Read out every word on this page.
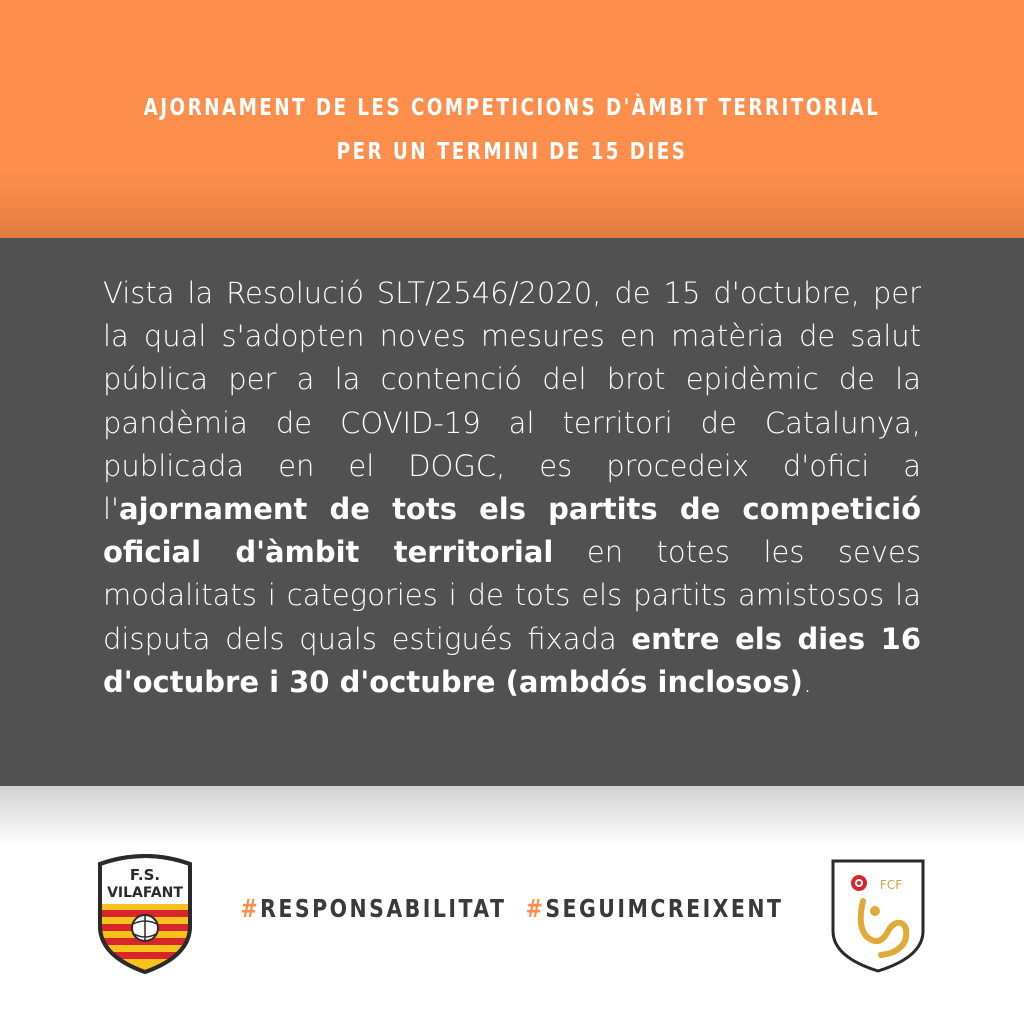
AJORNAMENT DE LES COMPETICIONS D'ÀMBIT TERRITORIAL
PER UN TERMINI DE 15 DIES
Vista la Resolució SLT/2546/2020, de 15 d'octubre, per la qual s'adopten noves mesures en matèria de salut pública per a la contenció del brot epidèmic de la pandèmia de COVID-19 al territori de Catalunya, publicada en el DOGC, es procedeix d'ofici a l'ajornament de tots els partits de competició oficial d'àmbit territorial en totes les seves modalitats i categories i de tots els partits amistosos la disputa dels quals estigués fixada entre els dies 16 d'octubre i 30 d'octubre (ambdós inclosos).
F.S.
VILAFANT
#RESPONSABILITAT #SEGUIMCREIXENT
FCF
